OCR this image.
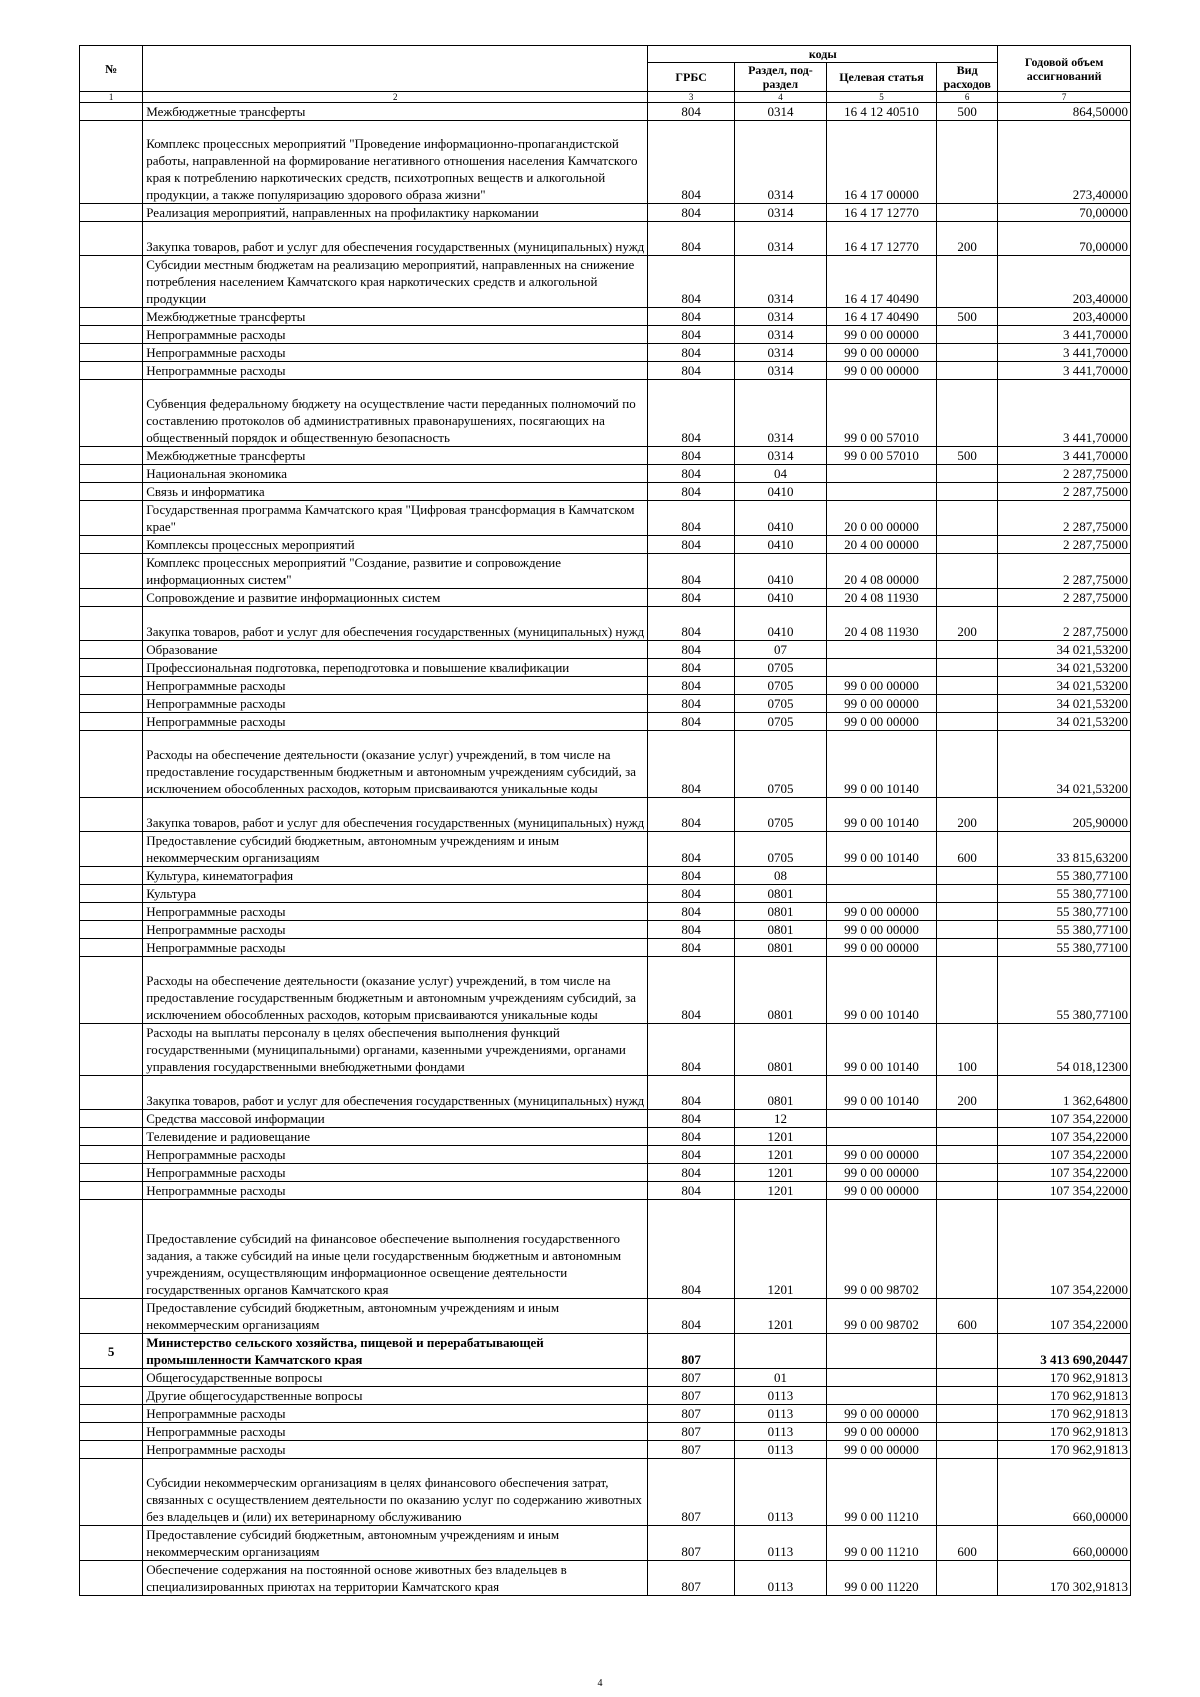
№		коды				Годовой объем ассигнований
		ГРБС	Раздел, под-раздел	Целевая статья	Вид расходов	
1	2	3	4	5	6	7
	Межбюджетные трансферты	804	0314	16 4 12 40510	500	864,50000
	Комплекс процессных мероприятий "Проведение информационно-пропагандистской работы, направленной на формирование негативного отношения населения Камчатского края к потреблению наркотических средств, психотропных веществ и алкогольной продукции, а также популяризацию здорового образа жизни"	804	0314	16 4 17 00000		273,40000
	Реализация мероприятий, направленных на профилактику наркомании	804	0314	16 4 17 12770		70,00000
	Закупка товаров, работ и услуг для обеспечения государственных (муниципальных) нужд	804	0314	16 4 17 12770	200	70,00000
	Субсидии местным бюджетам на реализацию мероприятий, направленных на снижение потребления населением Камчатского края наркотических средств и алкогольной продукции	804	0314	16 4 17 40490		203,40000
	Межбюджетные трансферты	804	0314	16 4 17 40490	500	203,40000
	Непрограммные расходы	804	0314	99 0 00 00000		3 441,70000
	Непрограммные расходы	804	0314	99 0 00 00000		3 441,70000
	Непрограммные расходы	804	0314	99 0 00 00000		3 441,70000
	Субвенция федеральному бюджету на осуществление части переданных полномочий по составлению протоколов об административных правонарушениях, посягающих на общественный порядок и общественную безопасность	804	0314	99 0 00 57010		3 441,70000
	Межбюджетные трансферты	804	0314	99 0 00 57010	500	3 441,70000
	Национальная экономика	804	04			2 287,75000
	Связь и информатика	804	0410			2 287,75000
	Государственная программа Камчатского края "Цифровая трансформация в Камчатском крае"	804	0410	20 0 00 00000		2 287,75000
	Комплексы процессных мероприятий	804	0410	20 4 00 00000		2 287,75000
	Комплекс процессных мероприятий "Создание, развитие и сопровождение информационных систем"	804	0410	20 4 08 00000		2 287,75000
	Сопровождение и развитие информационных систем	804	0410	20 4 08 11930		2 287,75000
	Закупка товаров, работ и услуг для обеспечения государственных (муниципальных) нужд	804	0410	20 4 08 11930	200	2 287,75000
	Образование	804	07			34 021,53200
	Профессиональная подготовка, переподготовка и повышение квалификации	804	0705			34 021,53200
	Непрограммные расходы	804	0705	99 0 00 00000		34 021,53200
	Непрограммные расходы	804	0705	99 0 00 00000		34 021,53200
	Непрограммные расходы	804	0705	99 0 00 00000		34 021,53200
	Расходы на обеспечение деятельности (оказание услуг) учреждений, в том числе на предоставление государственным бюджетным и автономным учреждениям субсидий, за исключением обособленных расходов, которым присваиваются уникальные коды	804	0705	99 0 00 10140		34 021,53200
	Закупка товаров, работ и услуг для обеспечения государственных (муниципальных) нужд	804	0705	99 0 00 10140	200	205,90000
	Предоставление субсидий бюджетным, автономным учреждениям и иным некоммерческим организациям	804	0705	99 0 00 10140	600	33 815,63200
	Культура, кинематография	804	08			55 380,77100
	Культура	804	0801			55 380,77100
	Непрограммные расходы	804	0801	99 0 00 00000		55 380,77100
	Непрограммные расходы	804	0801	99 0 00 00000		55 380,77100
	Непрограммные расходы	804	0801	99 0 00 00000		55 380,77100
	Расходы на обеспечение деятельности (оказание услуг) учреждений, в том числе на предоставление государственным бюджетным и автономным учреждениям субсидий, за исключением обособленных расходов, которым присваиваются уникальные коды	804	0801	99 0 00 10140		55 380,77100
	Расходы на выплаты персоналу в целях обеспечения выполнения функций государственными (муниципальными) органами, казенными учреждениями, органами управления государственными внебюджетными фондами	804	0801	99 0 00 10140	100	54 018,12300
	Закупка товаров, работ и услуг для обеспечения государственных (муниципальных) нужд	804	0801	99 0 00 10140	200	1 362,64800
	Средства массовой информации	804	12			107 354,22000
	Телевидение и радиовещание	804	1201			107 354,22000
	Непрограммные расходы	804	1201	99 0 00 00000		107 354,22000
	Непрограммные расходы	804	1201	99 0 00 00000		107 354,22000
	Непрограммные расходы	804	1201	99 0 00 00000		107 354,22000
	Предоставление субсидий на финансовое обеспечение выполнения государственного задания, а также субсидий на иные цели государственным бюджетным и автономным учреждениям, осуществляющим информационное освещение деятельности государственных органов Камчатского края	804	1201	99 0 00 98702		107 354,22000
	Предоставление субсидий бюджетным, автономным учреждениям и иным некоммерческим организациям	804	1201	99 0 00 98702	600	107 354,22000
5	Министерство сельского хозяйства, пищевой и перерабатывающей промышленности Камчатского края	807				3 413 690,20447
	Общегосударственные вопросы	807	01			170 962,91813
	Другие общегосударственные вопросы	807	0113			170 962,91813
	Непрограммные расходы	807	0113	99 0 00 00000		170 962,91813
	Непрограммные расходы	807	0113	99 0 00 00000		170 962,91813
	Непрограммные расходы	807	0113	99 0 00 00000		170 962,91813
	Субсидии некоммерческим организациям в целях финансового обеспечения затрат, связанных с осуществлением деятельности по оказанию услуг по содержанию животных без владельцев и (или) их ветеринарному обслуживанию	807	0113	99 0 00 11210		660,00000
	Предоставление субсидий бюджетным, автономным учреждениям и иным некоммерческим организациям	807	0113	99 0 00 11210	600	660,00000
	Обеспечение содержания на постоянной основе животных без владельцев в специализированных приютах на территории Камчатского края	807	0113	99 0 00 11220		170 302,91813
4
